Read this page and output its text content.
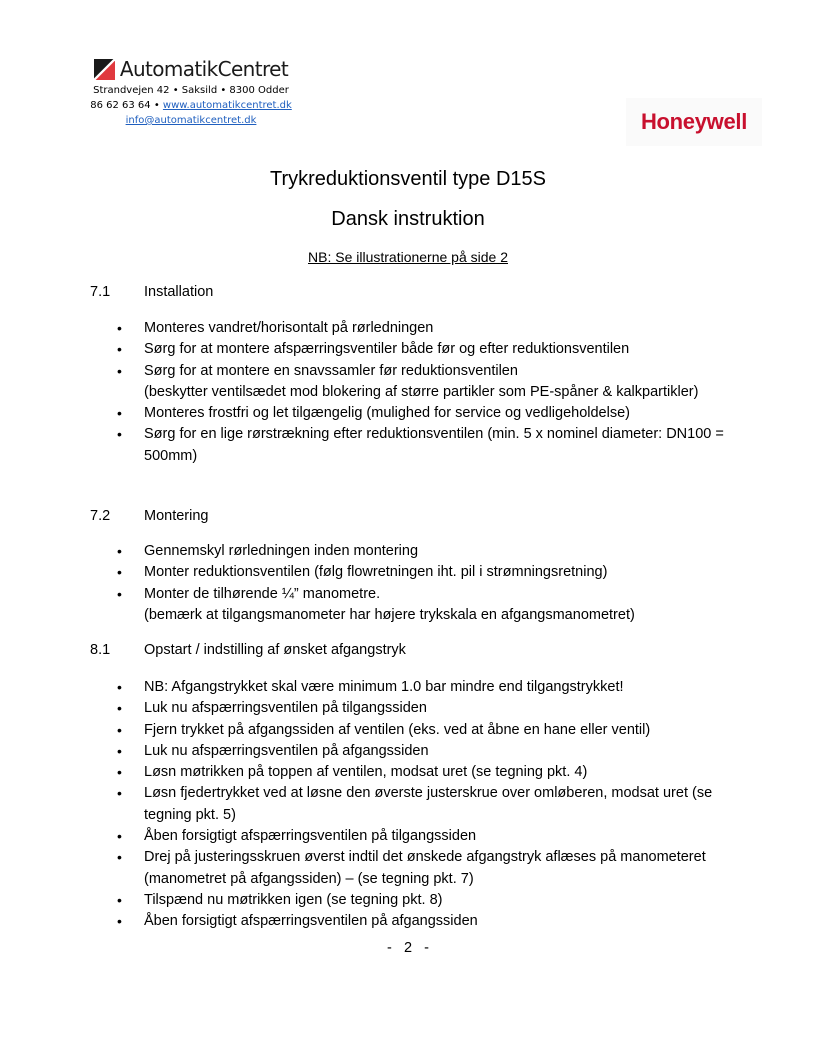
AutomatikCentret
Strandvejen 42 • Saksild • 8300 Odder
86 62 63 64 • www.automatikcentret.dk
info@automatikcentret.dk	Honeywell
Trykreduktionsventil type D15S
Dansk instruktion
NB: Se illustrationerne på side 2
7.1 Installation
• Monteres vandret/horisontalt på rørledningen
• Sørg for at montere afspærringsventiler både før og efter reduktionsventilen
• Sørg for at montere en snavssamler før reduktionsventilen
(beskytter ventilsædet mod blokering af større partikler som PE-spåner & kalkpartikler)
• Monteres frostfri og let tilgængelig (mulighed for service og vedligeholdelse)
• Sørg for en lige rørstrækning efter reduktionsventilen (min. 5 x nominel diameter: DN100 = 500mm)
7.2 Montering
• Gennemskyl rørledningen inden montering
• Monter reduktionsventilen (følg flowretningen iht. pil i strømningsretning)
• Monter de tilhørende ¼” manometre.
(bemærk at tilgangsmanometer har højere trykskala en afgangsmanometret)
8.1 Opstart / indstilling af ønsket afgangstryk
• NB: Afgangstrykket skal være minimum 1.0 bar mindre end tilgangstrykket!
• Luk nu afspærringsventilen på tilgangssiden
• Fjern trykket på afgangssiden af ventilen (eks. ved at åbne en hane eller ventil)
• Luk nu afspærringsventilen på afgangssiden
• Løsn møtrikken på toppen af ventilen, modsat uret (se tegning pkt. 4)
• Løsn fjedertrykket ved at løsne den øverste justerskrue over omløberen, modsat uret (se tegning pkt. 5)
• Åben forsigtigt afspærringsventilen på tilgangssiden
• Drej på justeringsskruen øverst indtil det ønskede afgangstryk aflæses på manometeret (manometret på afgangssiden) – (se tegning pkt. 7)
• Tilspænd nu møtrikken igen (se tegning pkt. 8)
• Åben forsigtigt afspærringsventilen på afgangssiden
-   2   -
